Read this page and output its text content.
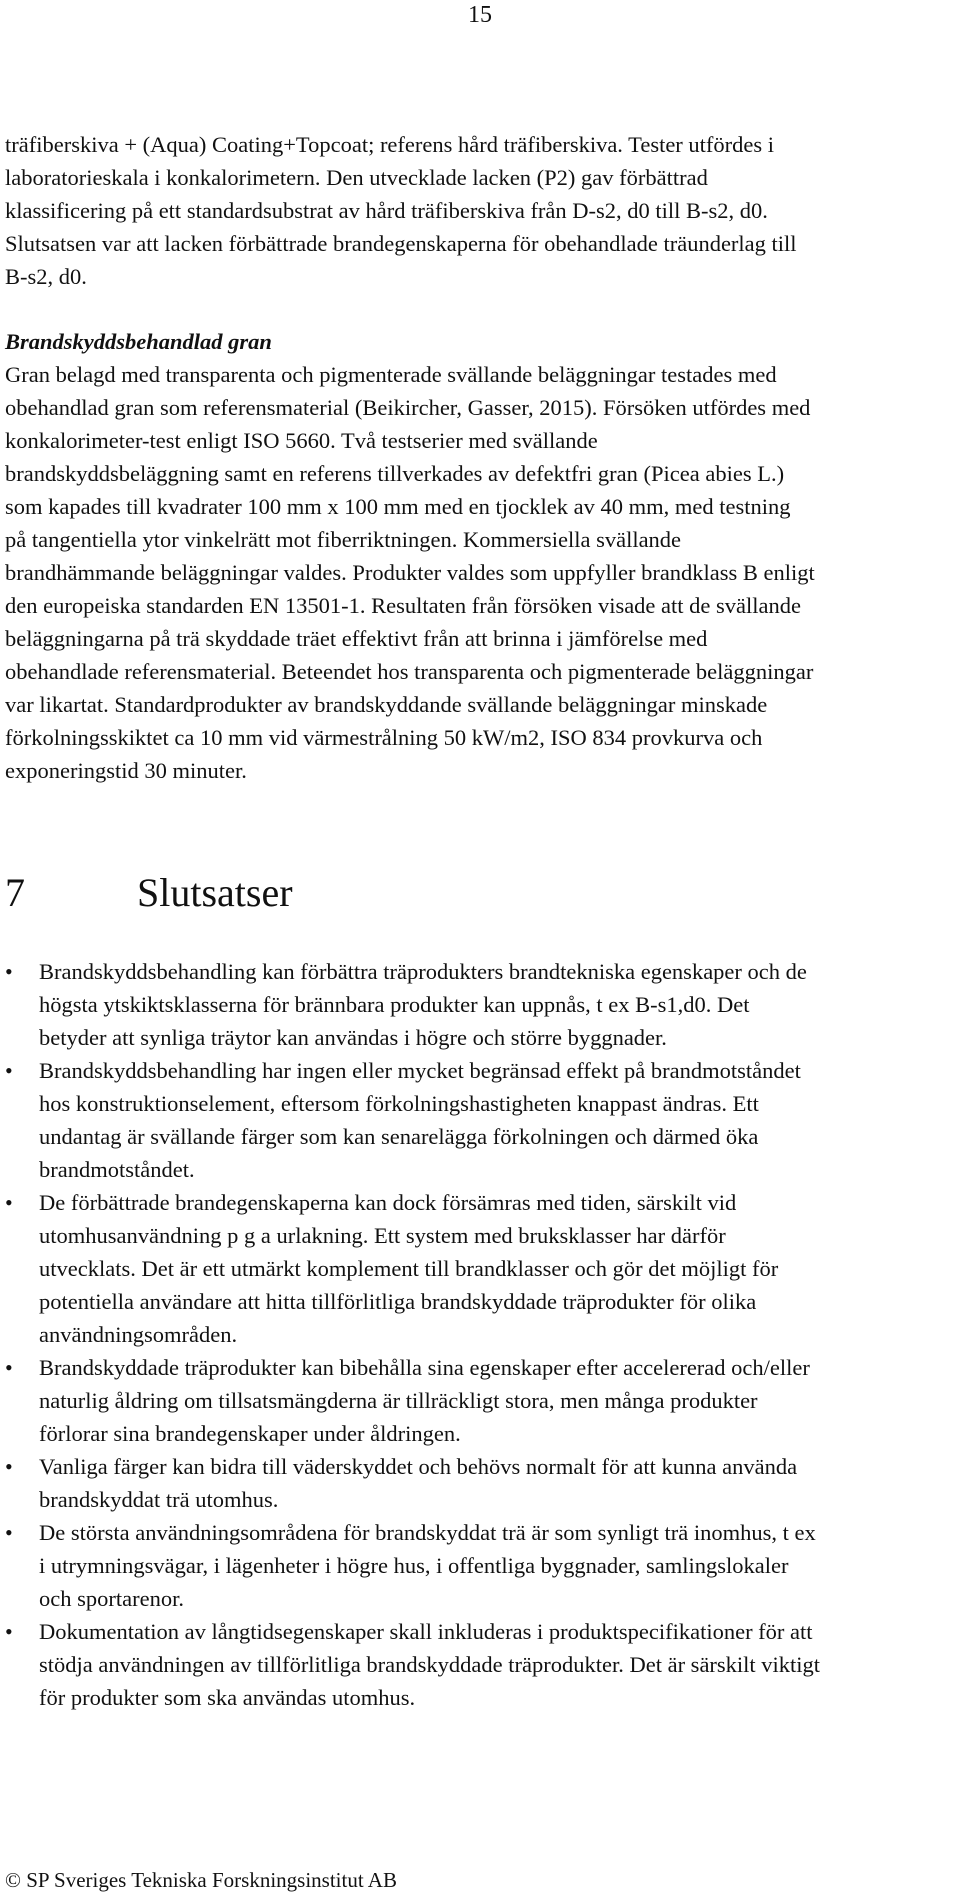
15

träfiberskiva + (Aqua) Coating+Topcoat; referens hård träfiberskiva. Tester utfördes i
laboratorieskala i konkalorimetern. Den utvecklade lacken (P2) gav förbättrad
klassificering på ett standardsubstrat av hård träfiberskiva från D-s2, d0 till B-s2, d0.
Slutsatsen var att lacken förbättrade brandegenskaperna för obehandlade träunderlag till
B-s2, d0.

Brandskyddsbehandlad gran

Gran belagd med transparenta och pigmenterade svällande beläggningar testades med
obehandlad gran som referensmaterial (Beikircher, Gasser, 2015). Försöken utfördes med
konkalorimeter-test enligt ISO 5660. Två testserier med svällande
brandskyddsbeläggning samt en referens tillverkades av defektfri gran (Picea abies L.)
som kapades till kvadrater 100 mm x 100 mm med en tjocklek av 40 mm, med testning
på tangentiella ytor vinkelrätt mot fiberriktningen. Kommersiella svällande
brandhämmande beläggningar valdes. Produkter valdes som uppfyller brandklass B enligt
den europeiska standarden EN 13501-1. Resultaten från försöken visade att de svällande
beläggningarna på trä skyddade träet effektivt från att brinna i jämförelse med
obehandlade referensmaterial. Beteendet hos transparenta och pigmenterade beläggningar
var likartat. Standardprodukter av brandskyddande svällande beläggningar minskade
förkolningsskiktet ca 10 mm vid värmestrålning 50 kW/m2, ISO 834 provkurva och
exponeringstid 30 minuter.

7	Slutsatser
•	Brandskyddsbehandling kan förbättra träprodukters brandtekniska egenskaper och de
högsta ytskiktsklasserna för brännbara produkter kan uppnås, t ex B-s1,d0. Det
betyder att synliga träytor kan användas i högre och större byggnader.
•	Brandskyddsbehandling har ingen eller mycket begränsad effekt på brandmotståndet
hos konstruktionselement, eftersom förkolningshastigheten knappast ändras. Ett
undantag är svällande färger som kan senarelägga förkolningen och därmed öka
brandmotståndet.
•	De förbättrade brandegenskaperna kan dock försämras med tiden, särskilt vid
utomhusanvändning p g a urlakning. Ett system med bruksklasser har därför
utvecklats. Det är ett utmärkt komplement till brandklasser och gör det möjligt för
potentiella användare att hitta tillförlitliga brandskyddade träprodukter för olika
användningsområden.
•	Brandskyddade träprodukter kan bibehålla sina egenskaper efter accelererad och/eller
naturlig åldring om tillsatsmängderna är tillräckligt stora, men många produkter
förlorar sina brandegenskaper under åldringen.
•	Vanliga färger kan bidra till väderskyddet och behövs normalt för att kunna använda
brandskyddat trä utomhus.
•	De största användningsområdena för brandskyddat trä är som synligt trä inomhus, t ex
i utrymningsvägar, i lägenheter i högre hus, i offentliga byggnader, samlingslokaler
och sportarenor.
•	Dokumentation av långtidsegenskaper skall inkluderas i produktspecifikationer för att
stödja användningen av tillförlitliga brandskyddade träprodukter. Det är särskilt viktigt
för produkter som ska användas utomhus.
© SP Sveriges Tekniska Forskningsinstitut AB
